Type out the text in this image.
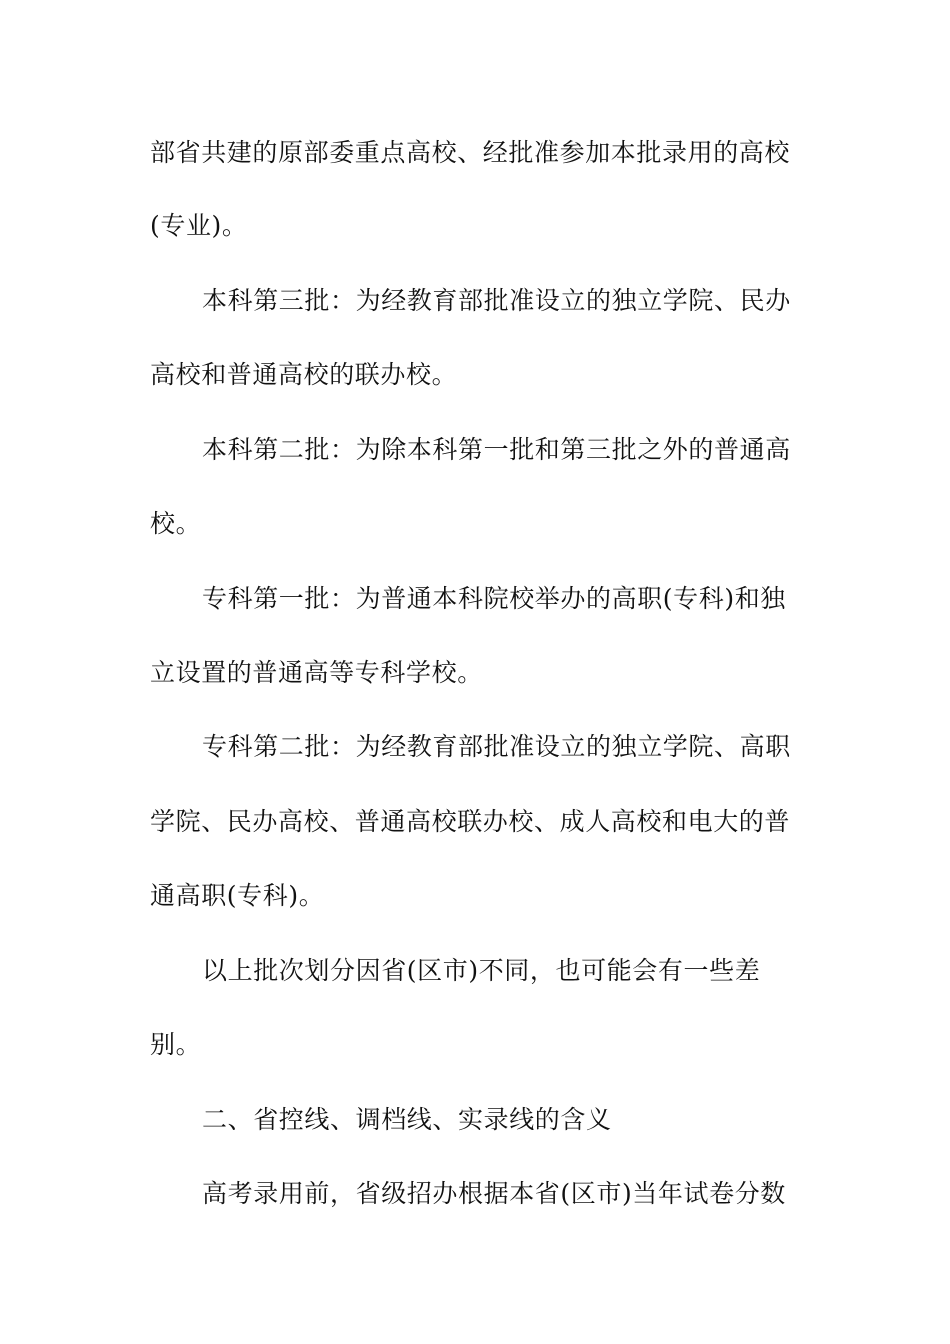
部省共建的原部委重点高校、经批准参加本批录用的高校
(专业)。
本科第三批：为经教育部批准设立的独立学院、民办
高校和普通高校的联办校。
本科第二批：为除本科第一批和第三批之外的普通高
校。
专科第一批：为普通本科院校举办的高职(专科)和独
立设置的普通高等专科学校。
专科第二批：为经教育部批准设立的独立学院、高职
学院、民办高校、普通高校联办校、成人高校和电大的普
通高职(专科)。
以上批次划分因省(区市)不同，也可能会有一些差
别。
二、省控线、调档线、实录线的含义
高考录用前，省级招办根据本省(区市)当年试卷分数
